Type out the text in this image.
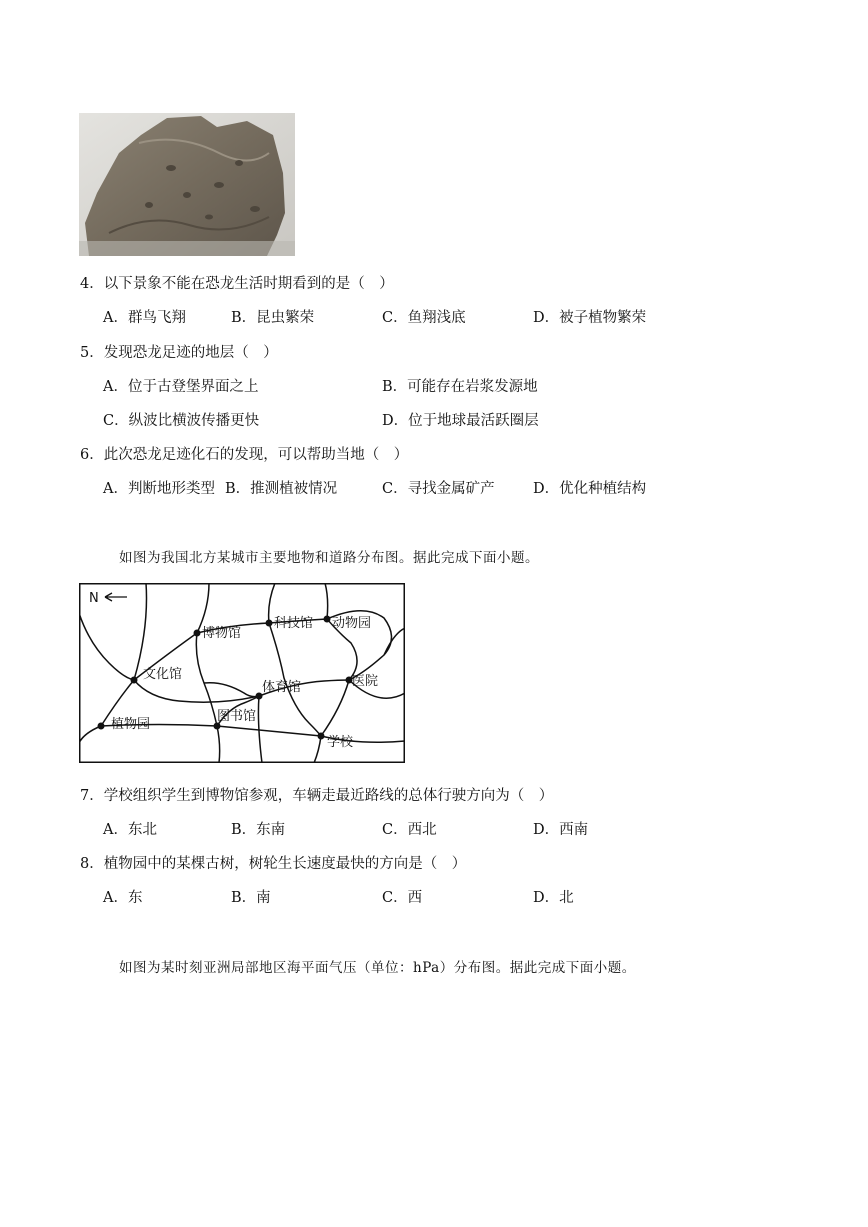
4．以下景象不能在恐龙生活时期看到的是（　）
A．群鸟飞翔	B．昆虫繁荣	C．鱼翔浅底	D．被子植物繁荣
5．发现恐龙足迹的地层（　）
A．位于古登堡界面之上	B．可能存在岩浆发源地
C．纵波比横波传播更快	D．位于地球最活跃圈层
6．此次恐龙足迹化石的发现，可以帮助当地（　）
A．判断地形类型 B．推测植被情况	C．寻找金属矿产	D．优化种植结构
如图为我国北方某城市主要地物和道路分布图。据此完成下面小题。
N
博物馆
科技馆 动物园
文化馆
体育馆	医院
植物园
图书馆
学校
7．学校组织学生到博物馆参观，车辆走最近路线的总体行驶方向为（　）
A．东北	B．东南	C．西北	D．西南
8．植物园中的某棵古树，树轮生长速度最快的方向是（　）
A．东	B．南	C．西	D．北
如图为某时刻亚洲局部地区海平面气压（单位：hPa）分布图。据此完成下面小题。
